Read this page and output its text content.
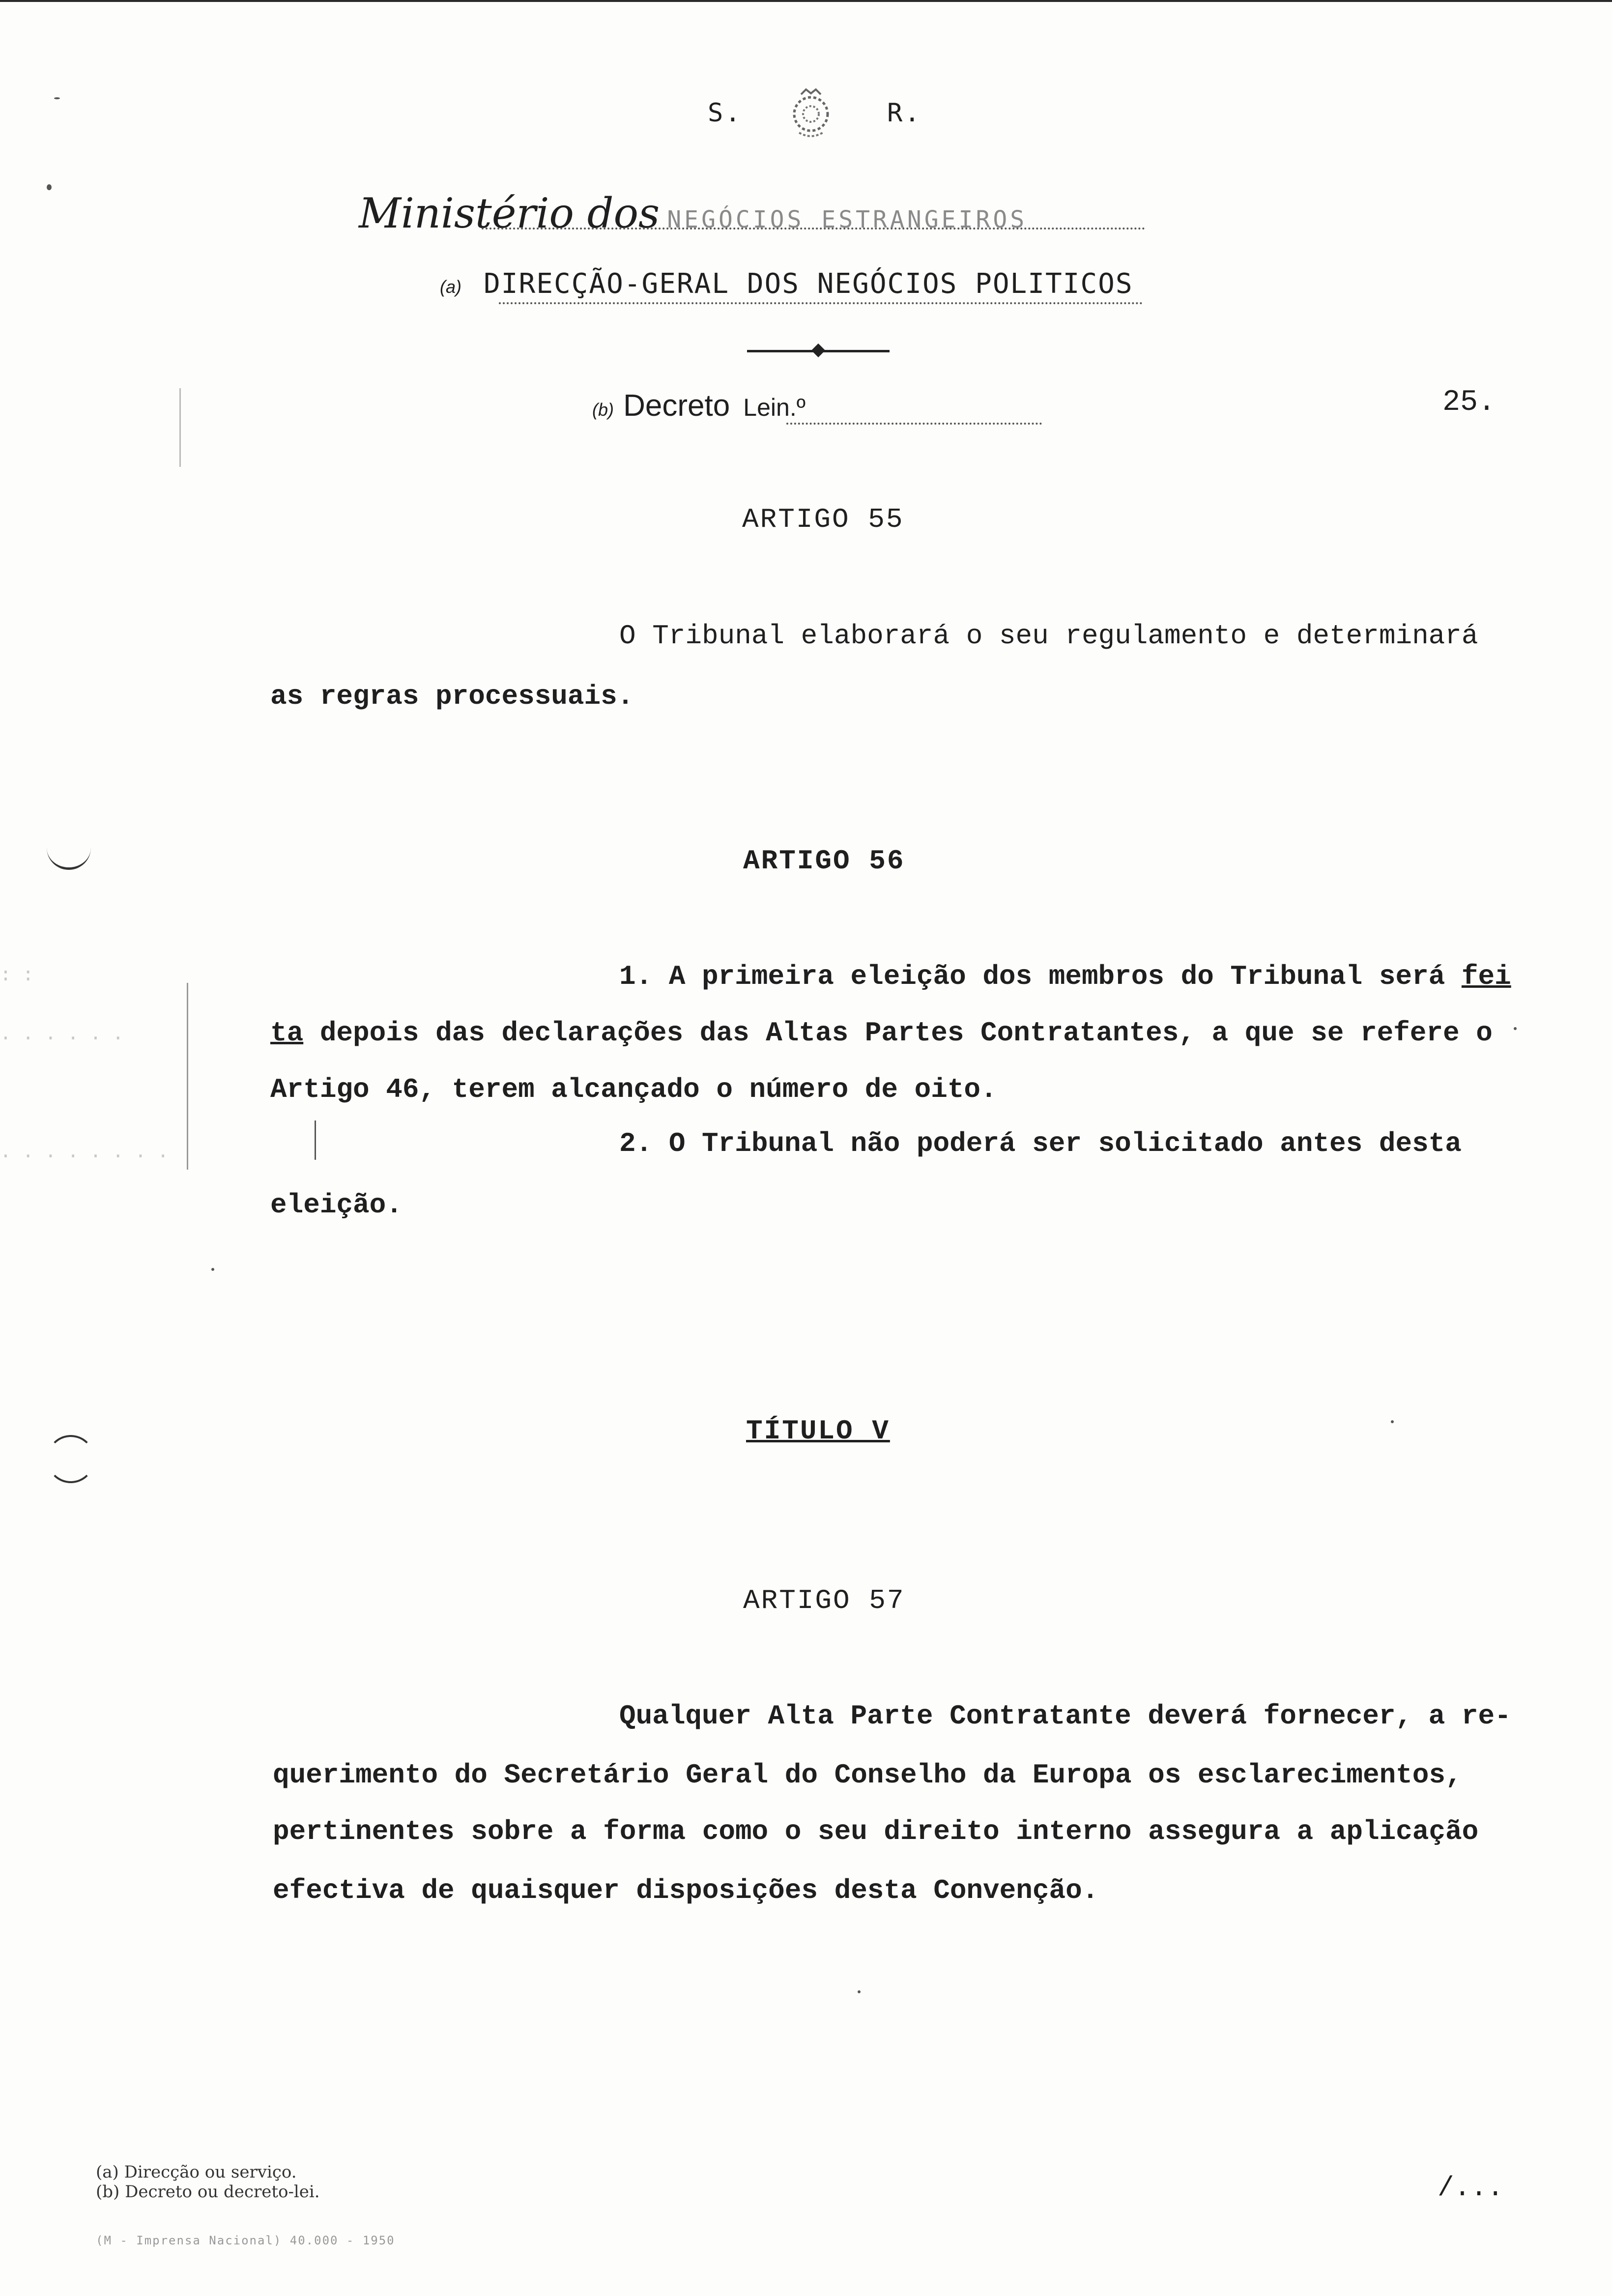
S.	R.
Ministério dos NEGÓCIOS ESTRANGEIROS
(a) DIRECÇÃO-GERAL DOS NEGÓCIOS POLITICOS
(b) Decreto Lein.º	25.
ARTIGO 55
O Tribunal elaborará o seu regulamento e determinará
as regras processuais.
ARTIGO 56
1. A primeira eleição dos membros do Tribunal será fei
ta depois das declarações das Altas Partes Contratantes, a que se refere o
Artigo 46, terem alcançado o número de oito.
2. O Tribunal não poderá ser solicitado antes desta
eleição.
TÍTULO V
ARTIGO 57
Qualquer Alta Parte Contratante deverá fornecer, a re-
querimento do Secretário Geral do Conselho da Europa os esclarecimentos,
pertinentes sobre a forma como o seu direito interno assegura a aplicação
efectiva de quaisquer disposições desta Convenção.
(a) Direcção ou serviço.
(b) Decreto ou decreto-lei.	/...
(M - Imprensa Nacional) 40.000 - 1950
: :
. . . . . .
. . . . . . . .
